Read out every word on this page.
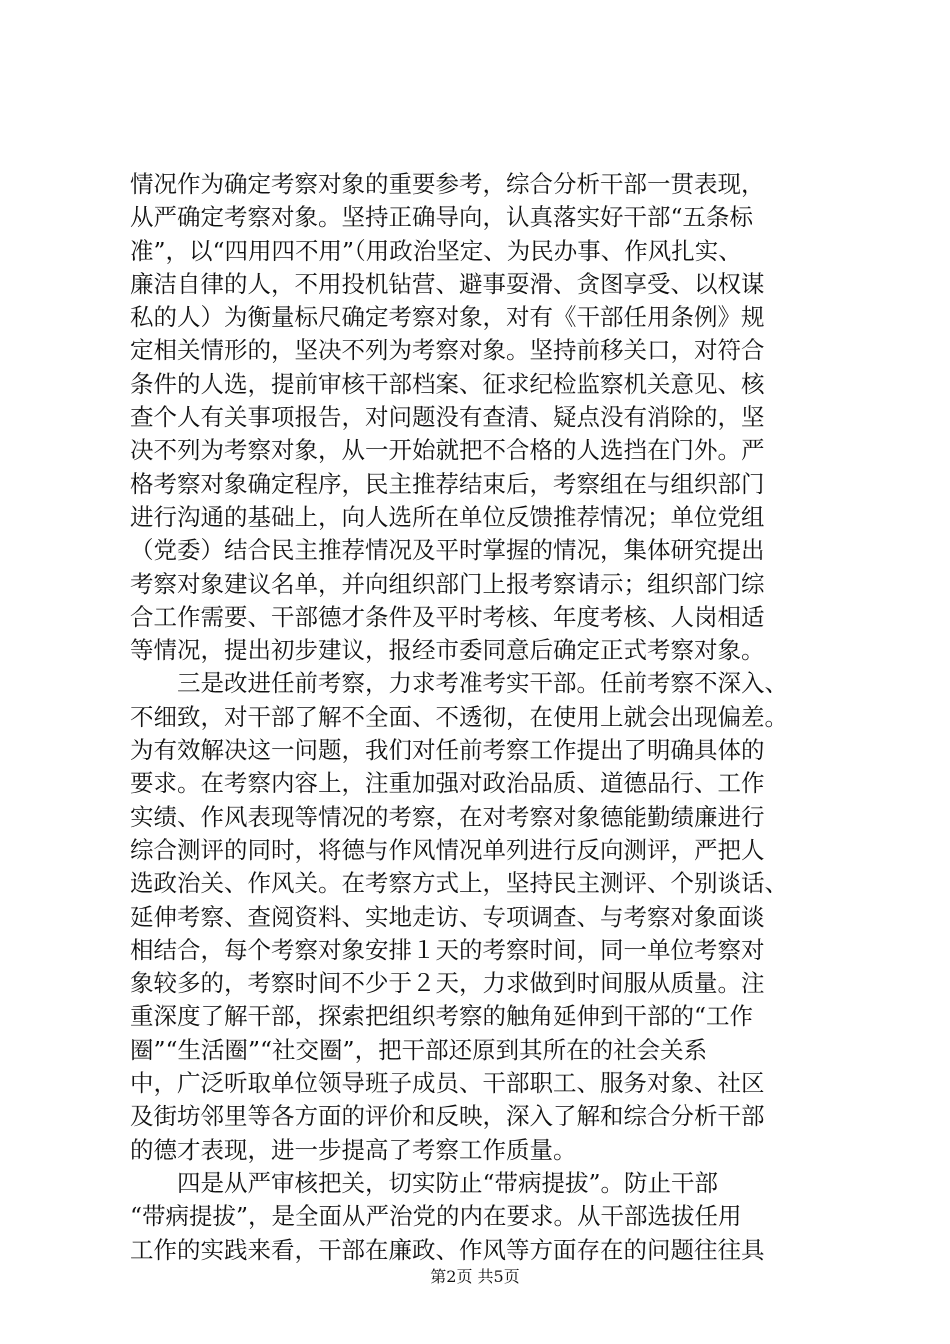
情况作为确定考察对象的重要参考，综合分析干部一贯表现，
从严确定考察对象。坚持正确导向，认真落实好干部“五条标
准”，以“四用四不用”（用政治坚定、为民办事、作风扎实、
廉洁自律的人，不用投机钻营、避事耍滑、贪图享受、以权谋
私的人）为衡量标尺确定考察对象，对有《干部任用条例》规
定相关情形的，坚决不列为考察对象。坚持前移关口，对符合
条件的人选，提前审核干部档案、征求纪检监察机关意见、核
查个人有关事项报告，对问题没有查清、疑点没有消除的，坚
决不列为考察对象，从一开始就把不合格的人选挡在门外。严
格考察对象确定程序，民主推荐结束后，考察组在与组织部门
进行沟通的基础上，向人选所在单位反馈推荐情况；单位党组
（党委）结合民主推荐情况及平时掌握的情况，集体研究提出
考察对象建议名单，并向组织部门上报考察请示；组织部门综
合工作需要、干部德才条件及平时考核、年度考核、人岗相适
等情况，提出初步建议，报经市委同意后确定正式考察对象。
　　三是改进任前考察，力求考准考实干部。任前考察不深入、
不细致，对干部了解不全面、不透彻，在使用上就会出现偏差。
为有效解决这一问题，我们对任前考察工作提出了明确具体的
要求。在考察内容上，注重加强对政治品质、道德品行、工作
实绩、作风表现等情况的考察，在对考察对象德能勤绩廉进行
综合测评的同时，将德与作风情况单列进行反向测评，严把人
选政治关、作风关。在考察方式上，坚持民主测评、个别谈话、
延伸考察、查阅资料、实地走访、专项调查、与考察对象面谈
相结合，每个考察对象安排１天的考察时间，同一单位考察对
象较多的，考察时间不少于２天，力求做到时间服从质量。注
重深度了解干部，探索把组织考察的触角延伸到干部的“工作
圈”“生活圈”“社交圈”，把干部还原到其所在的社会关系
中，广泛听取单位领导班子成员、干部职工、服务对象、社区
及街坊邻里等各方面的评价和反映，深入了解和综合分析干部
的德才表现，进一步提高了考察工作质量。
　　四是从严审核把关，切实防止“带病提拔”。防止干部
“带病提拔”，是全面从严治党的内在要求。从干部选拔任用
工作的实践来看，干部在廉政、作风等方面存在的问题往往具
第2页 共5页
